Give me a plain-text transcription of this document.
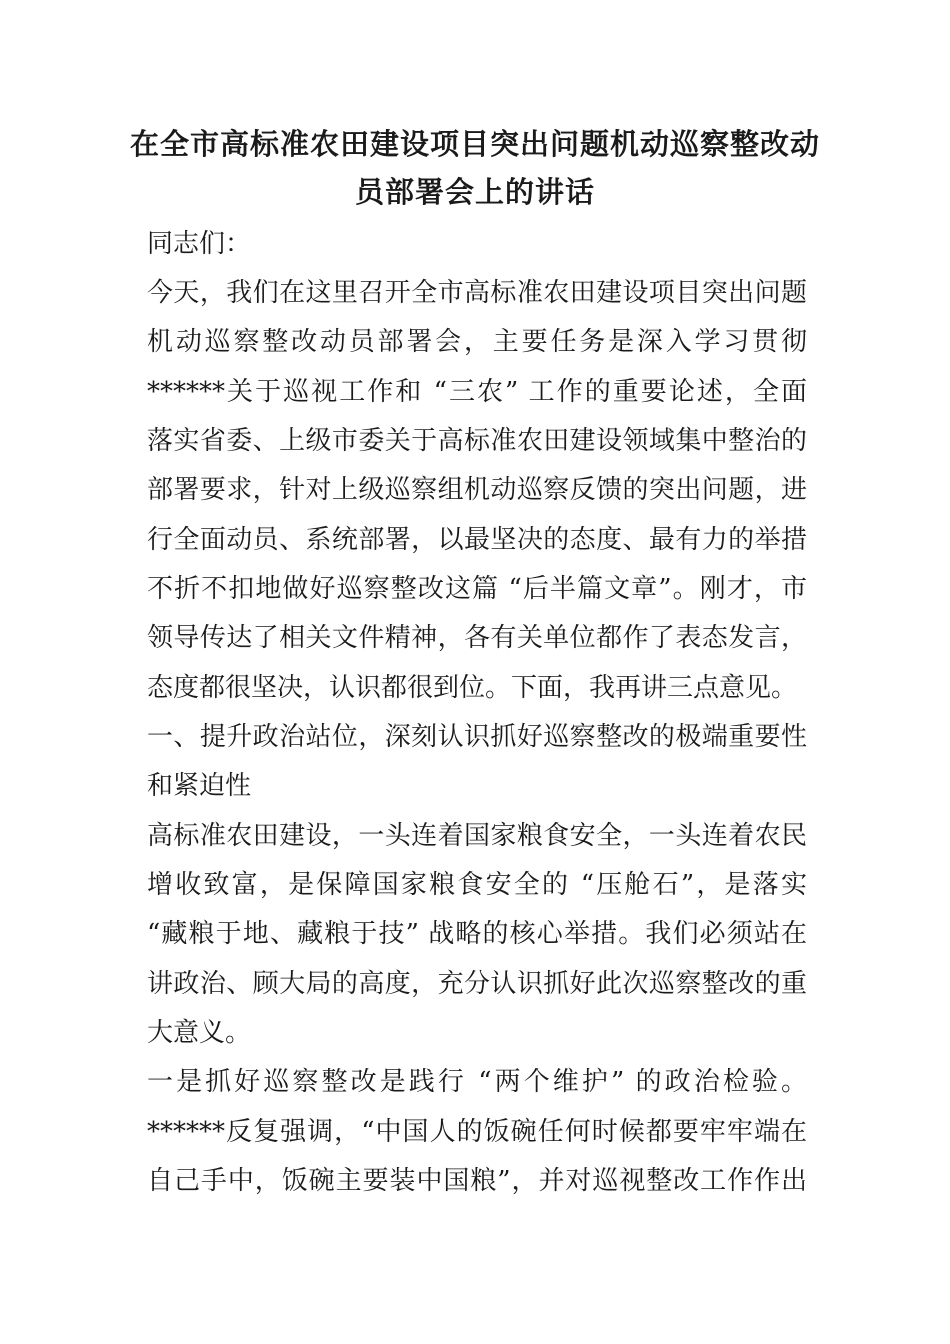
在全市高标准农田建设项目突出问题机动巡察整改动
员部署会上的讲话
同志们：
今天，我们在这里召开全市高标准农田建设项目突出问题
机动巡察整改动员部署会，主要任务是深入学习贯彻
******关于巡视工作和 “三农” 工作的重要论述，全面
落实省委、上级市委关于高标准农田建设领域集中整治的
部署要求，针对上级巡察组机动巡察反馈的突出问题，进
行全面动员、系统部署，以最坚决的态度、最有力的举措
不折不扣地做好巡察整改这篇 “后半篇文章”。刚才，市
领导传达了相关文件精神，各有关单位都作了表态发言，
态度都很坚决，认识都很到位。下面，我再讲三点意见。
一、提升政治站位，深刻认识抓好巡察整改的极端重要性
和紧迫性
高标准农田建设，一头连着国家粮食安全，一头连着农民
增收致富，是保障国家粮食安全的 “压舱石”，是落实
“藏粮于地、藏粮于技” 战略的核心举措。我们必须站在
讲政治、顾大局的高度，充分认识抓好此次巡察整改的重
大意义。
一是抓好巡察整改是践行 “两个维护” 的政治检验。
******反复强调，“中国人的饭碗任何时候都要牢牢端在
自己手中，饭碗主要装中国粮”，并对巡视整改工作作出
